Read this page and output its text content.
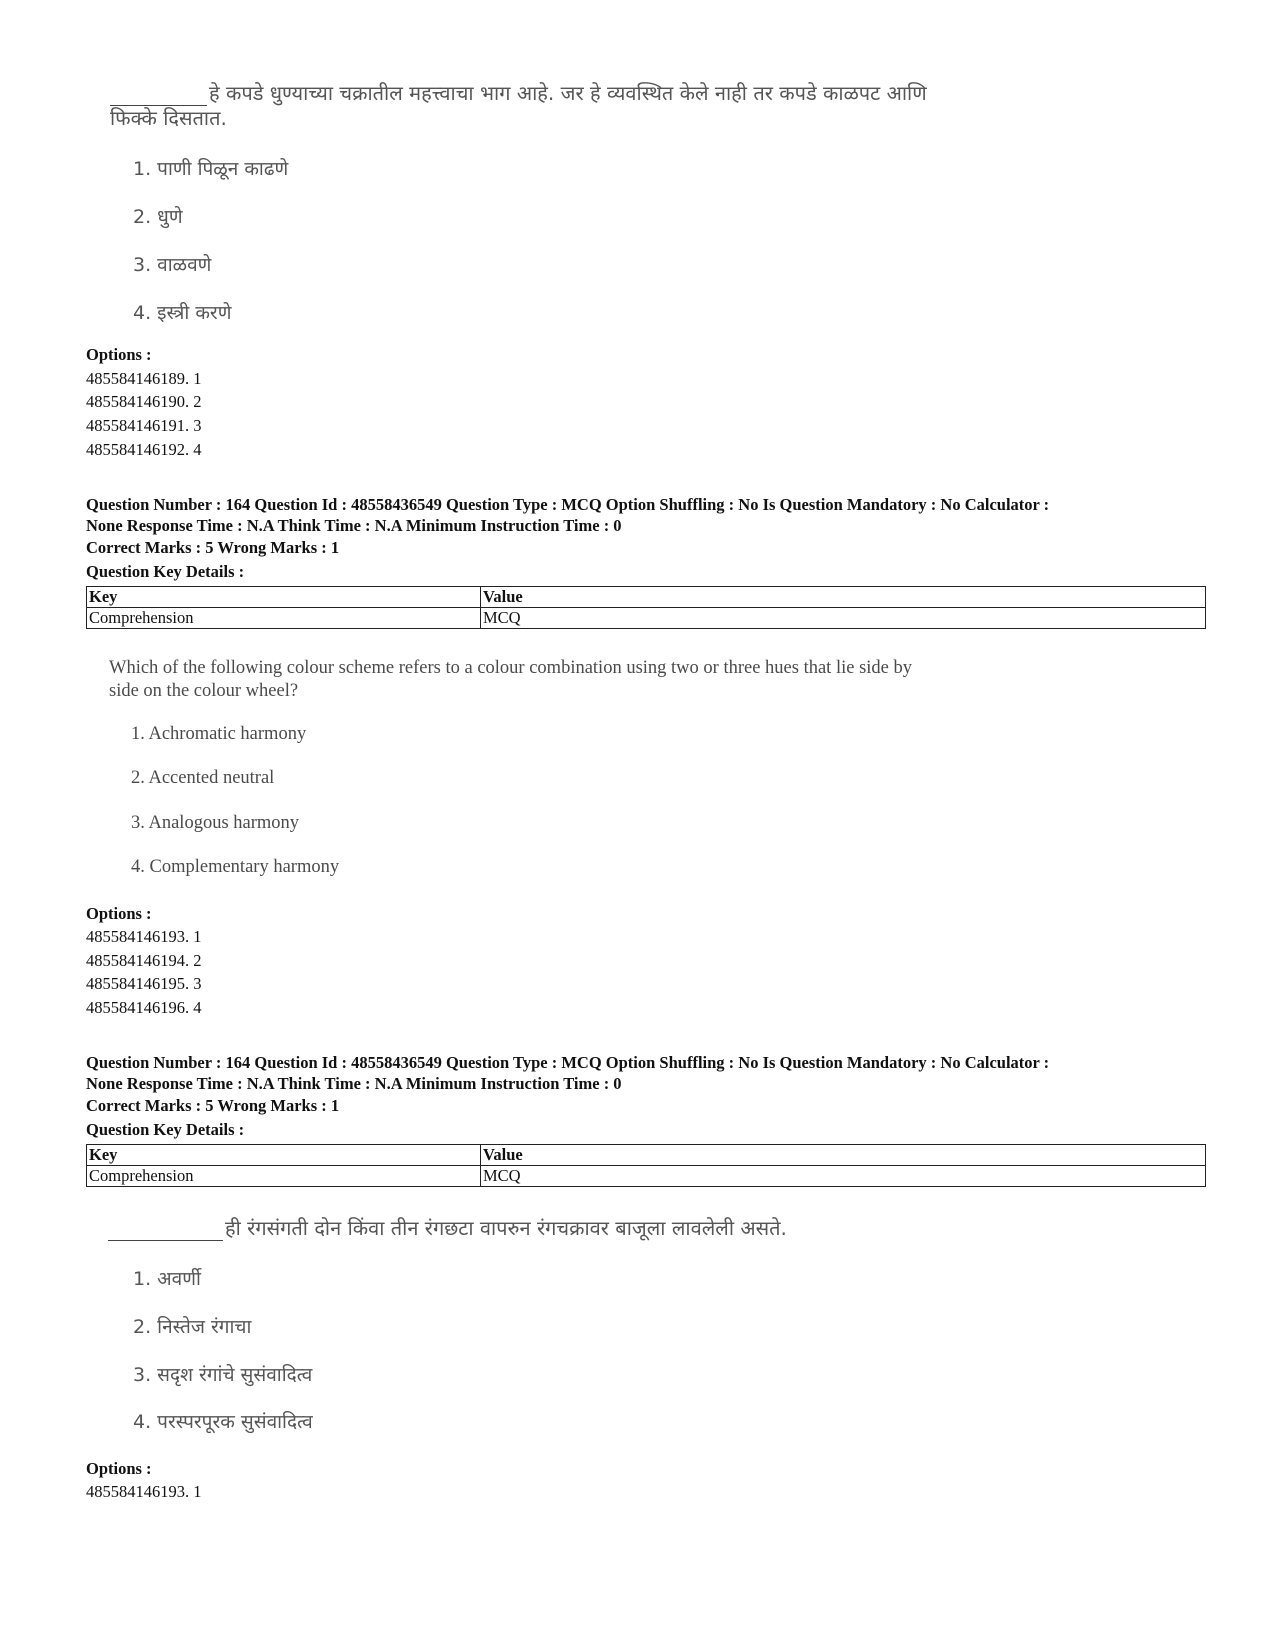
हे कपडे धुण्याच्या चक्रातील महत्त्वाचा भाग आहे. जर हे व्यवस्थित केले नाही तर कपडे काळपट आणि
फिक्के दिसतात.
1. पाणी पिळून काढणे
2. धुणे
3. वाळवणे
4. इस्त्री करणे
Options :
485584146189. 1
485584146190. 2
485584146191. 3
485584146192. 4
Question Number : 164 Question Id : 48558436549 Question Type : MCQ Option Shuffling : No Is Question Mandatory : No Calculator :
None Response Time : N.A Think Time : N.A Minimum Instruction Time : 0
Correct Marks : 5 Wrong Marks : 1
Question Key Details :
Key	Value
Comprehension	MCQ
Which of the following colour scheme refers to a colour combination using two or three hues that lie side by
side on the colour wheel?
1. Achromatic harmony
2. Accented neutral
3. Analogous harmony
4. Complementary harmony
Options :
485584146193. 1
485584146194. 2
485584146195. 3
485584146196. 4
Question Number : 164 Question Id : 48558436549 Question Type : MCQ Option Shuffling : No Is Question Mandatory : No Calculator :
None Response Time : N.A Think Time : N.A Minimum Instruction Time : 0
Correct Marks : 5 Wrong Marks : 1
Question Key Details :
Key	Value
Comprehension	MCQ
ही रंगसंगती दोन किंवा तीन रंगछटा वापरुन रंगचक्रावर बाजूला लावलेली असते.
1. अवर्णी
2. निस्तेज रंगाचा
3. सदृश रंगांचे सुसंवादित्व
4. परस्परपूरक सुसंवादित्व
Options :
485584146193. 1
